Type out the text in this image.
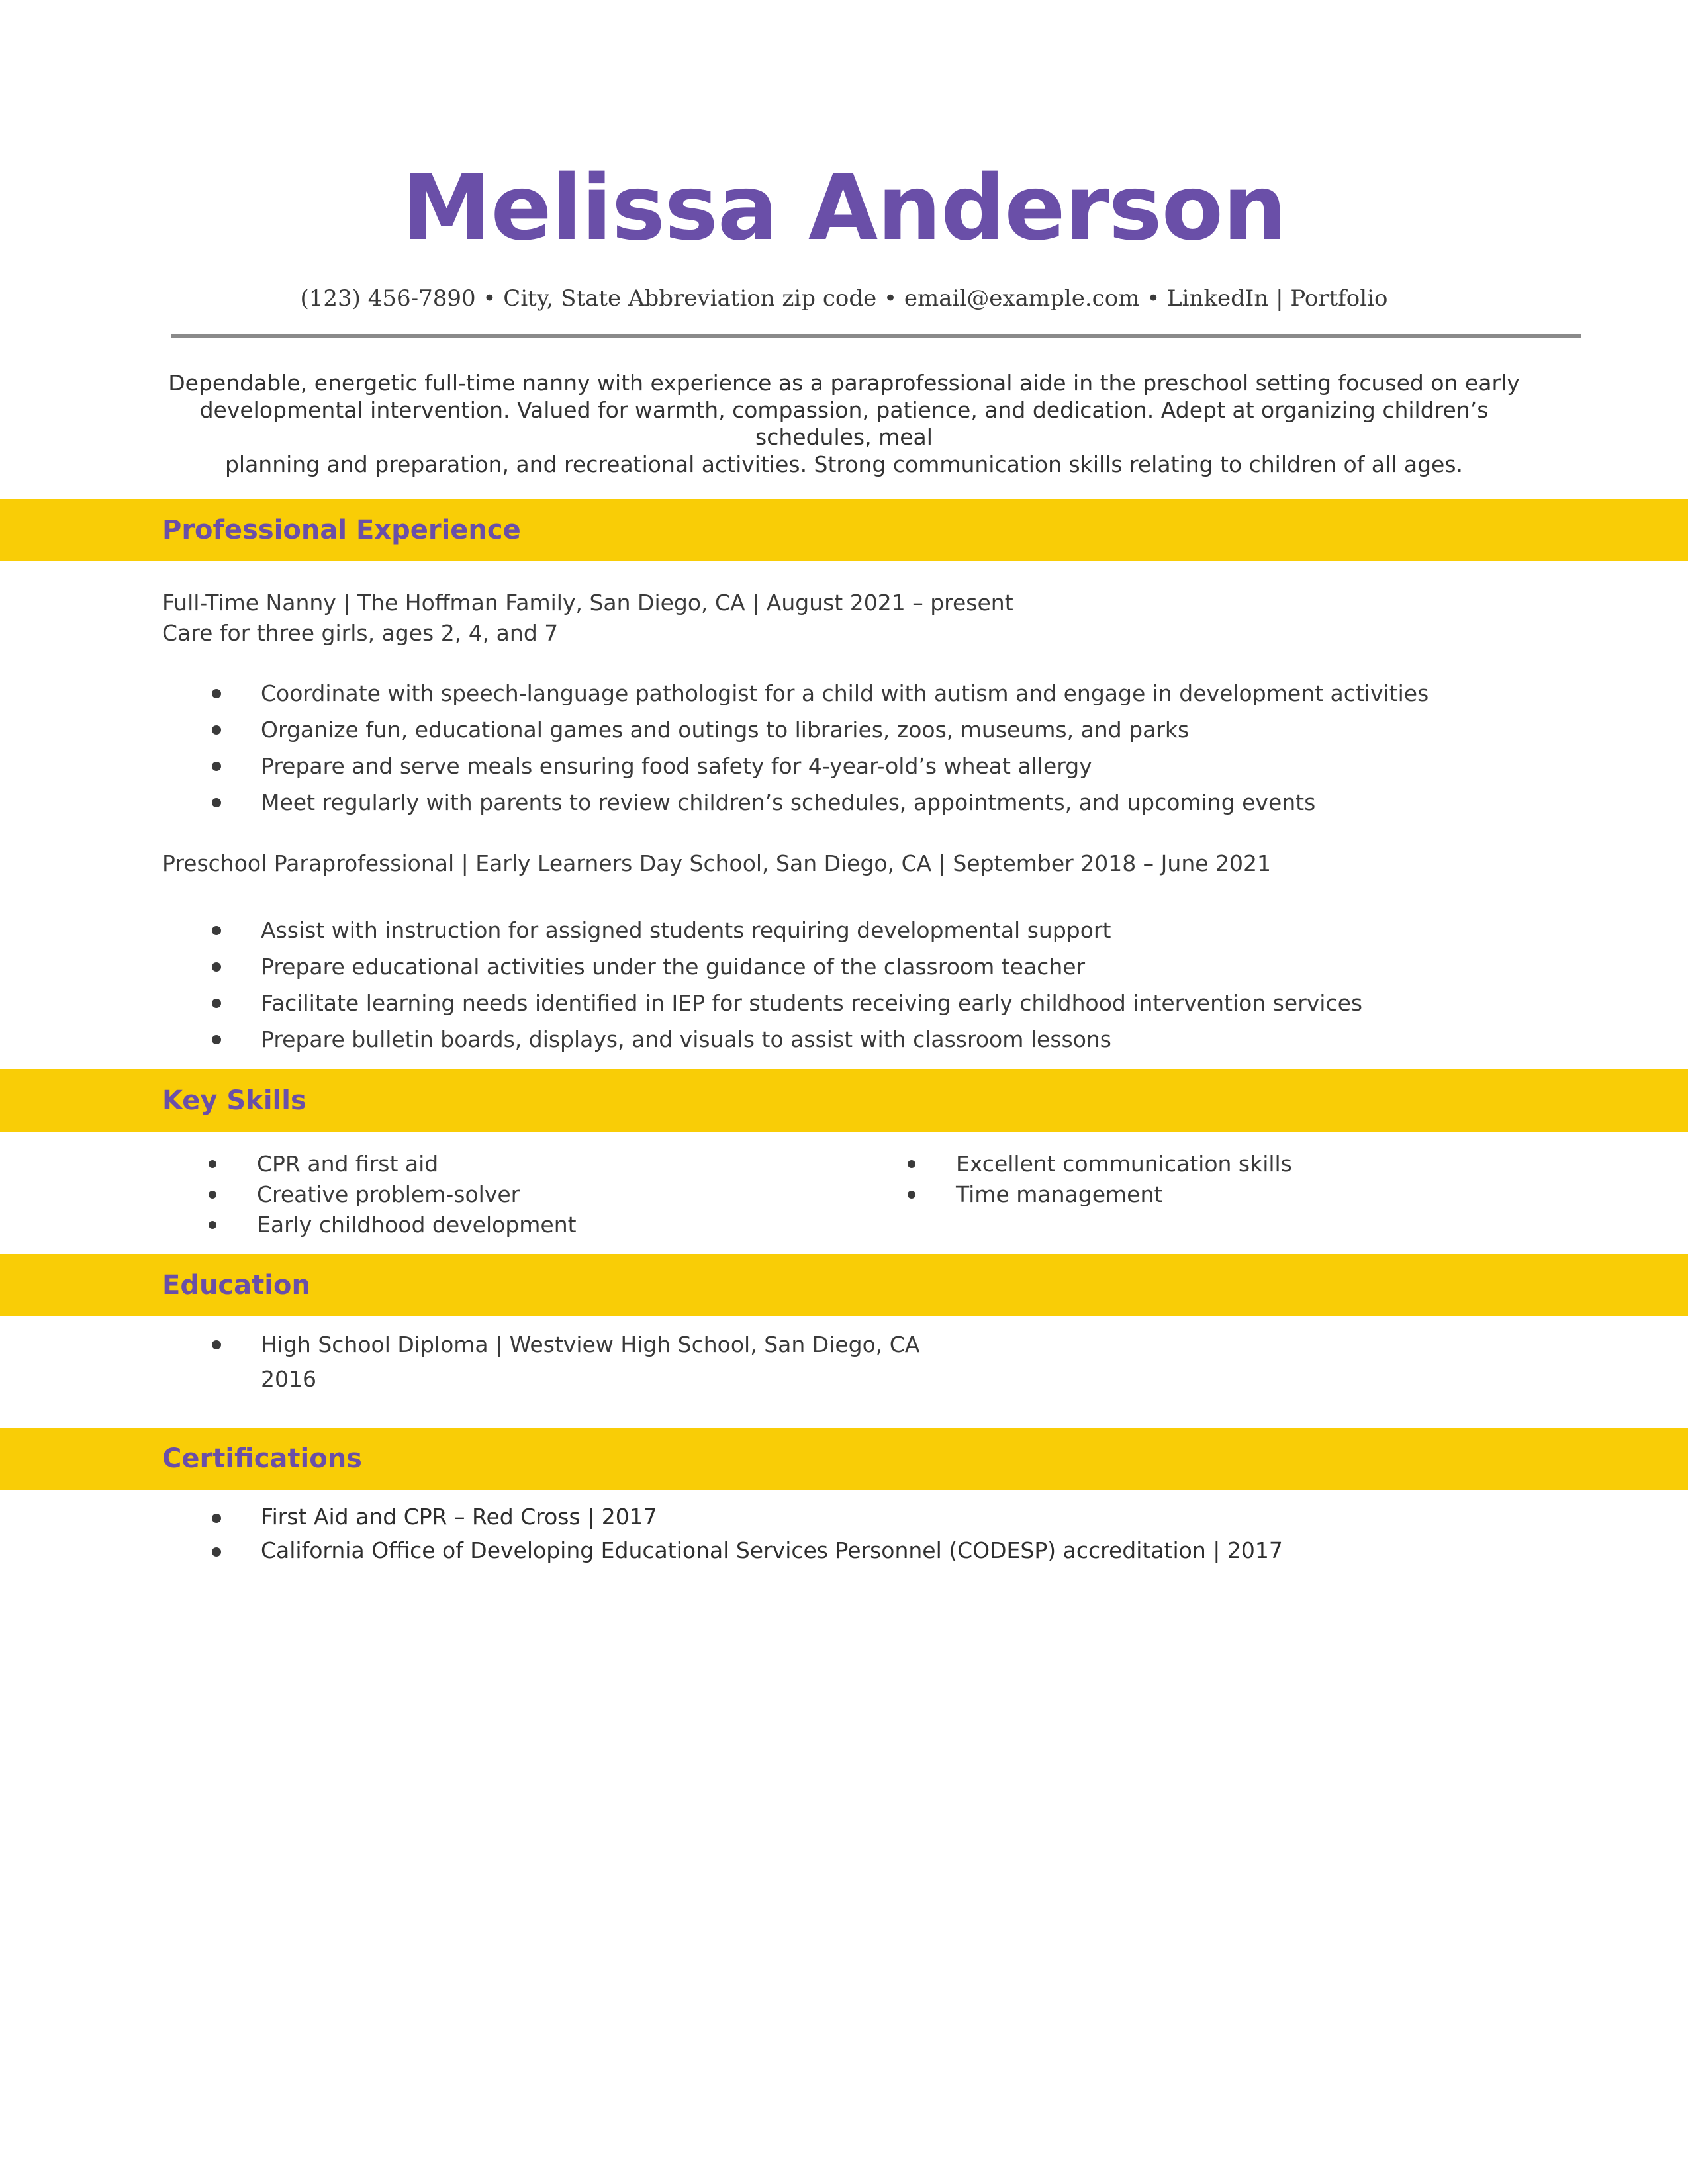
Melissa Anderson
(123) 456-7890 • City, State Abbreviation zip code • email@example.com • LinkedIn | Portfolio
Dependable, energetic full-time nanny with experience as a paraprofessional aide in the preschool setting focused on early
developmental intervention. Valued for warmth, compassion, patience, and dedication. Adept at organizing children’s schedules, meal
planning and preparation, and recreational activities. Strong communication skills relating to children of all ages.
Professional Experience
Full-Time Nanny | The Hoffman Family, San Diego, CA | August 2021 – present
Care for three girls, ages 2, 4, and 7
Coordinate with speech-language pathologist for a child with autism and engage in development activities
Organize fun, educational games and outings to libraries, zoos, museums, and parks
Prepare and serve meals ensuring food safety for 4-year-old’s wheat allergy
Meet regularly with parents to review children’s schedules, appointments, and upcoming events
Preschool Paraprofessional | Early Learners Day School, San Diego, CA | September 2018 – June 2021
Assist with instruction for assigned students requiring developmental support
Prepare educational activities under the guidance of the classroom teacher
Facilitate learning needs identified in IEP for students receiving early childhood intervention services
Prepare bulletin boards, displays, and visuals to assist with classroom lessons
Key Skills
CPR and first aid
Creative problem-solver
Early childhood development
Excellent communication skills
Time management
Education
High School Diploma | Westview High School, San Diego, CA
2016
Certifications
First Aid and CPR – Red Cross | 2017
California Office of Developing Educational Services Personnel (CODESP) accreditation | 2017
